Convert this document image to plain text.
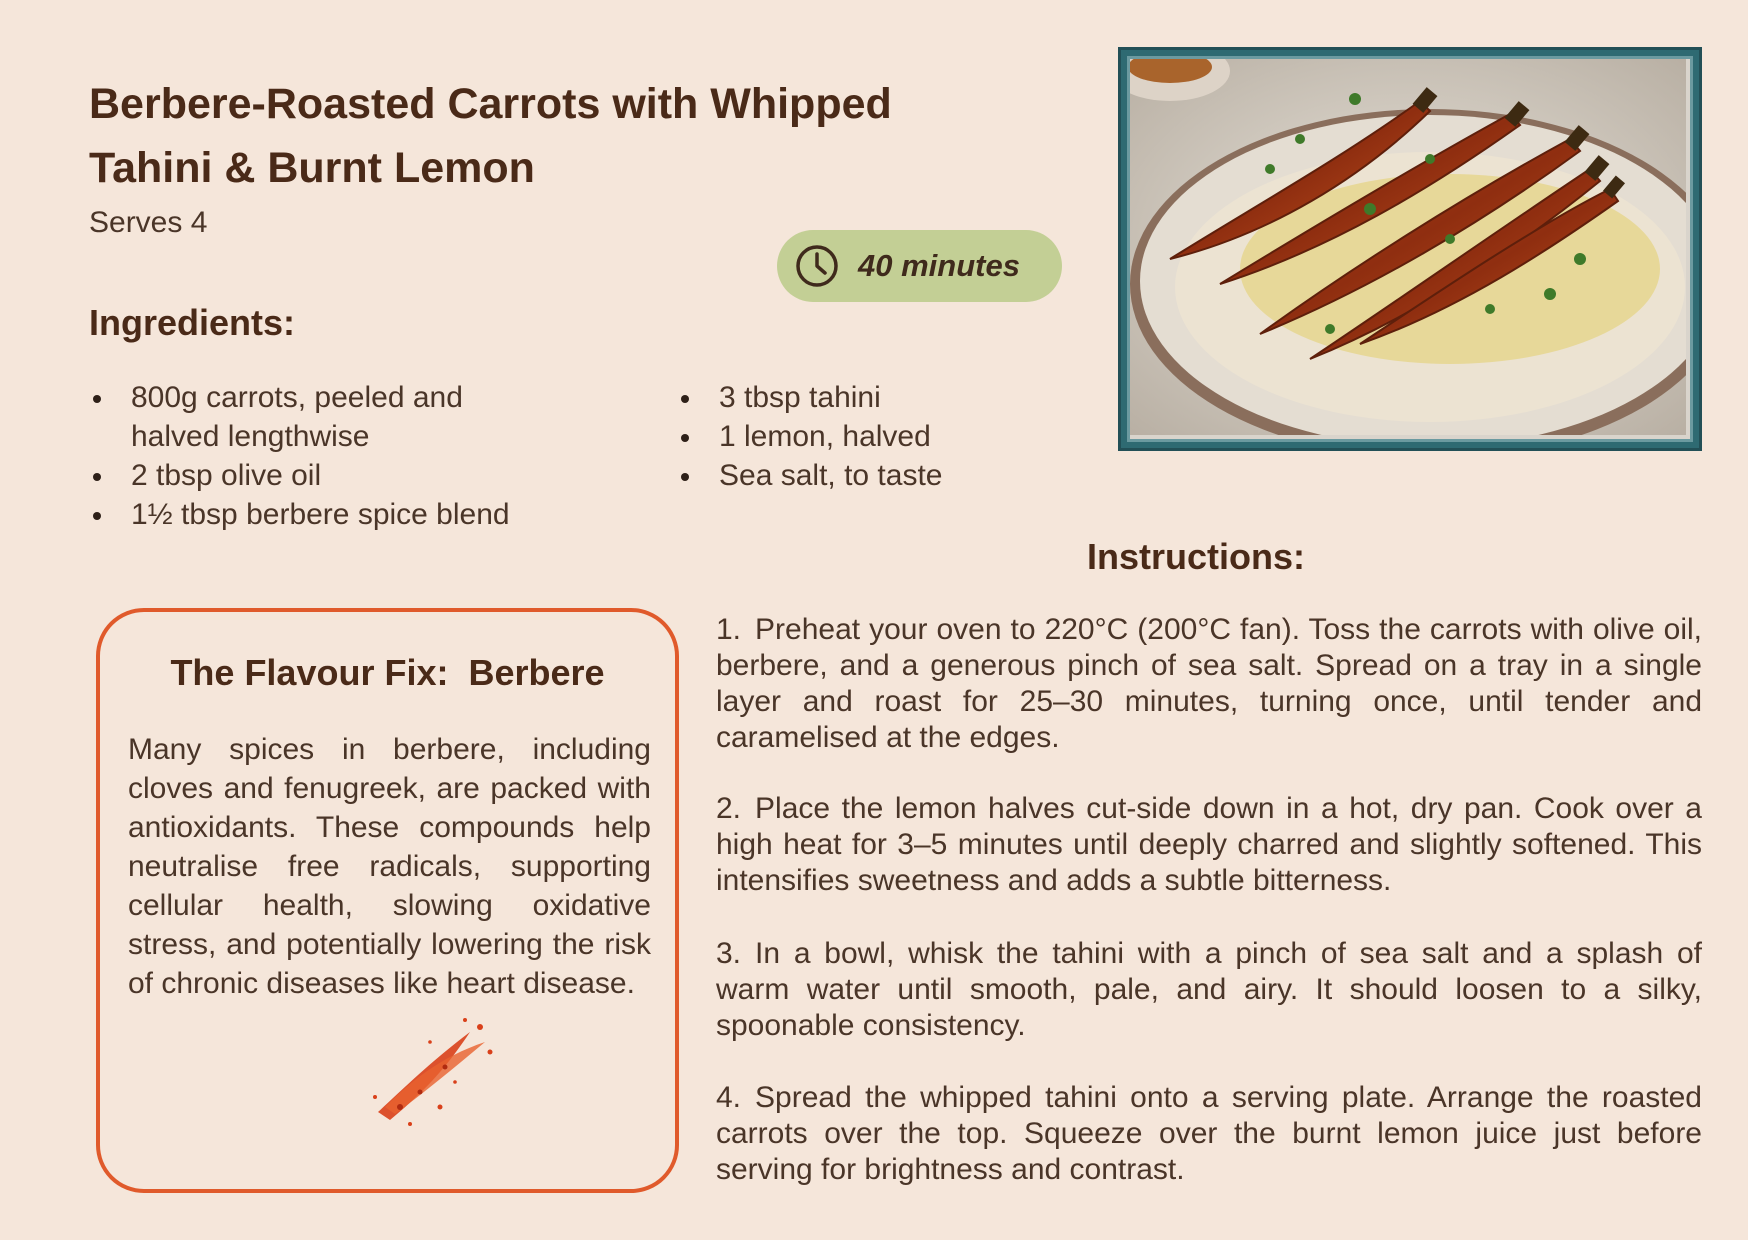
Berbere-Roasted Carrots with Whipped Tahini & Burnt Lemon
Serves 4
40 minutes
Ingredients:
800g carrots, peeled and halved lengthwise
2 tbsp olive oil
1½ tbsp berbere spice blend
3 tbsp tahini
1 lemon, halved
Sea salt, to taste
Instructions:
1. Preheat your oven to 220°C (200°C fan). Toss the carrots with olive oil, berbere, and a generous pinch of sea salt. Spread on a tray in a single layer and roast for 25–30 minutes, turning once, until tender and caramelised at the edges.
2. Place the lemon halves cut-side down in a hot, dry pan. Cook over a high heat for 3–5 minutes until deeply charred and slightly softened. This intensifies sweetness and adds a subtle bitterness.
3. In a bowl, whisk the tahini with a pinch of sea salt and a splash of warm water until smooth, pale, and airy. It should loosen to a silky, spoonable consistency.
4. Spread the whipped tahini onto a serving plate. Arrange the roasted carrots over the top. Squeeze over the burnt lemon juice just before serving for brightness and contrast.
The Flavour Fix:  Berbere
Many spices in berbere, including cloves and fenugreek, are packed with antioxidants. These compounds help neutralise free radicals, supporting cellular health, slowing oxidative stress, and potentially lowering the risk of chronic diseases like heart disease.
